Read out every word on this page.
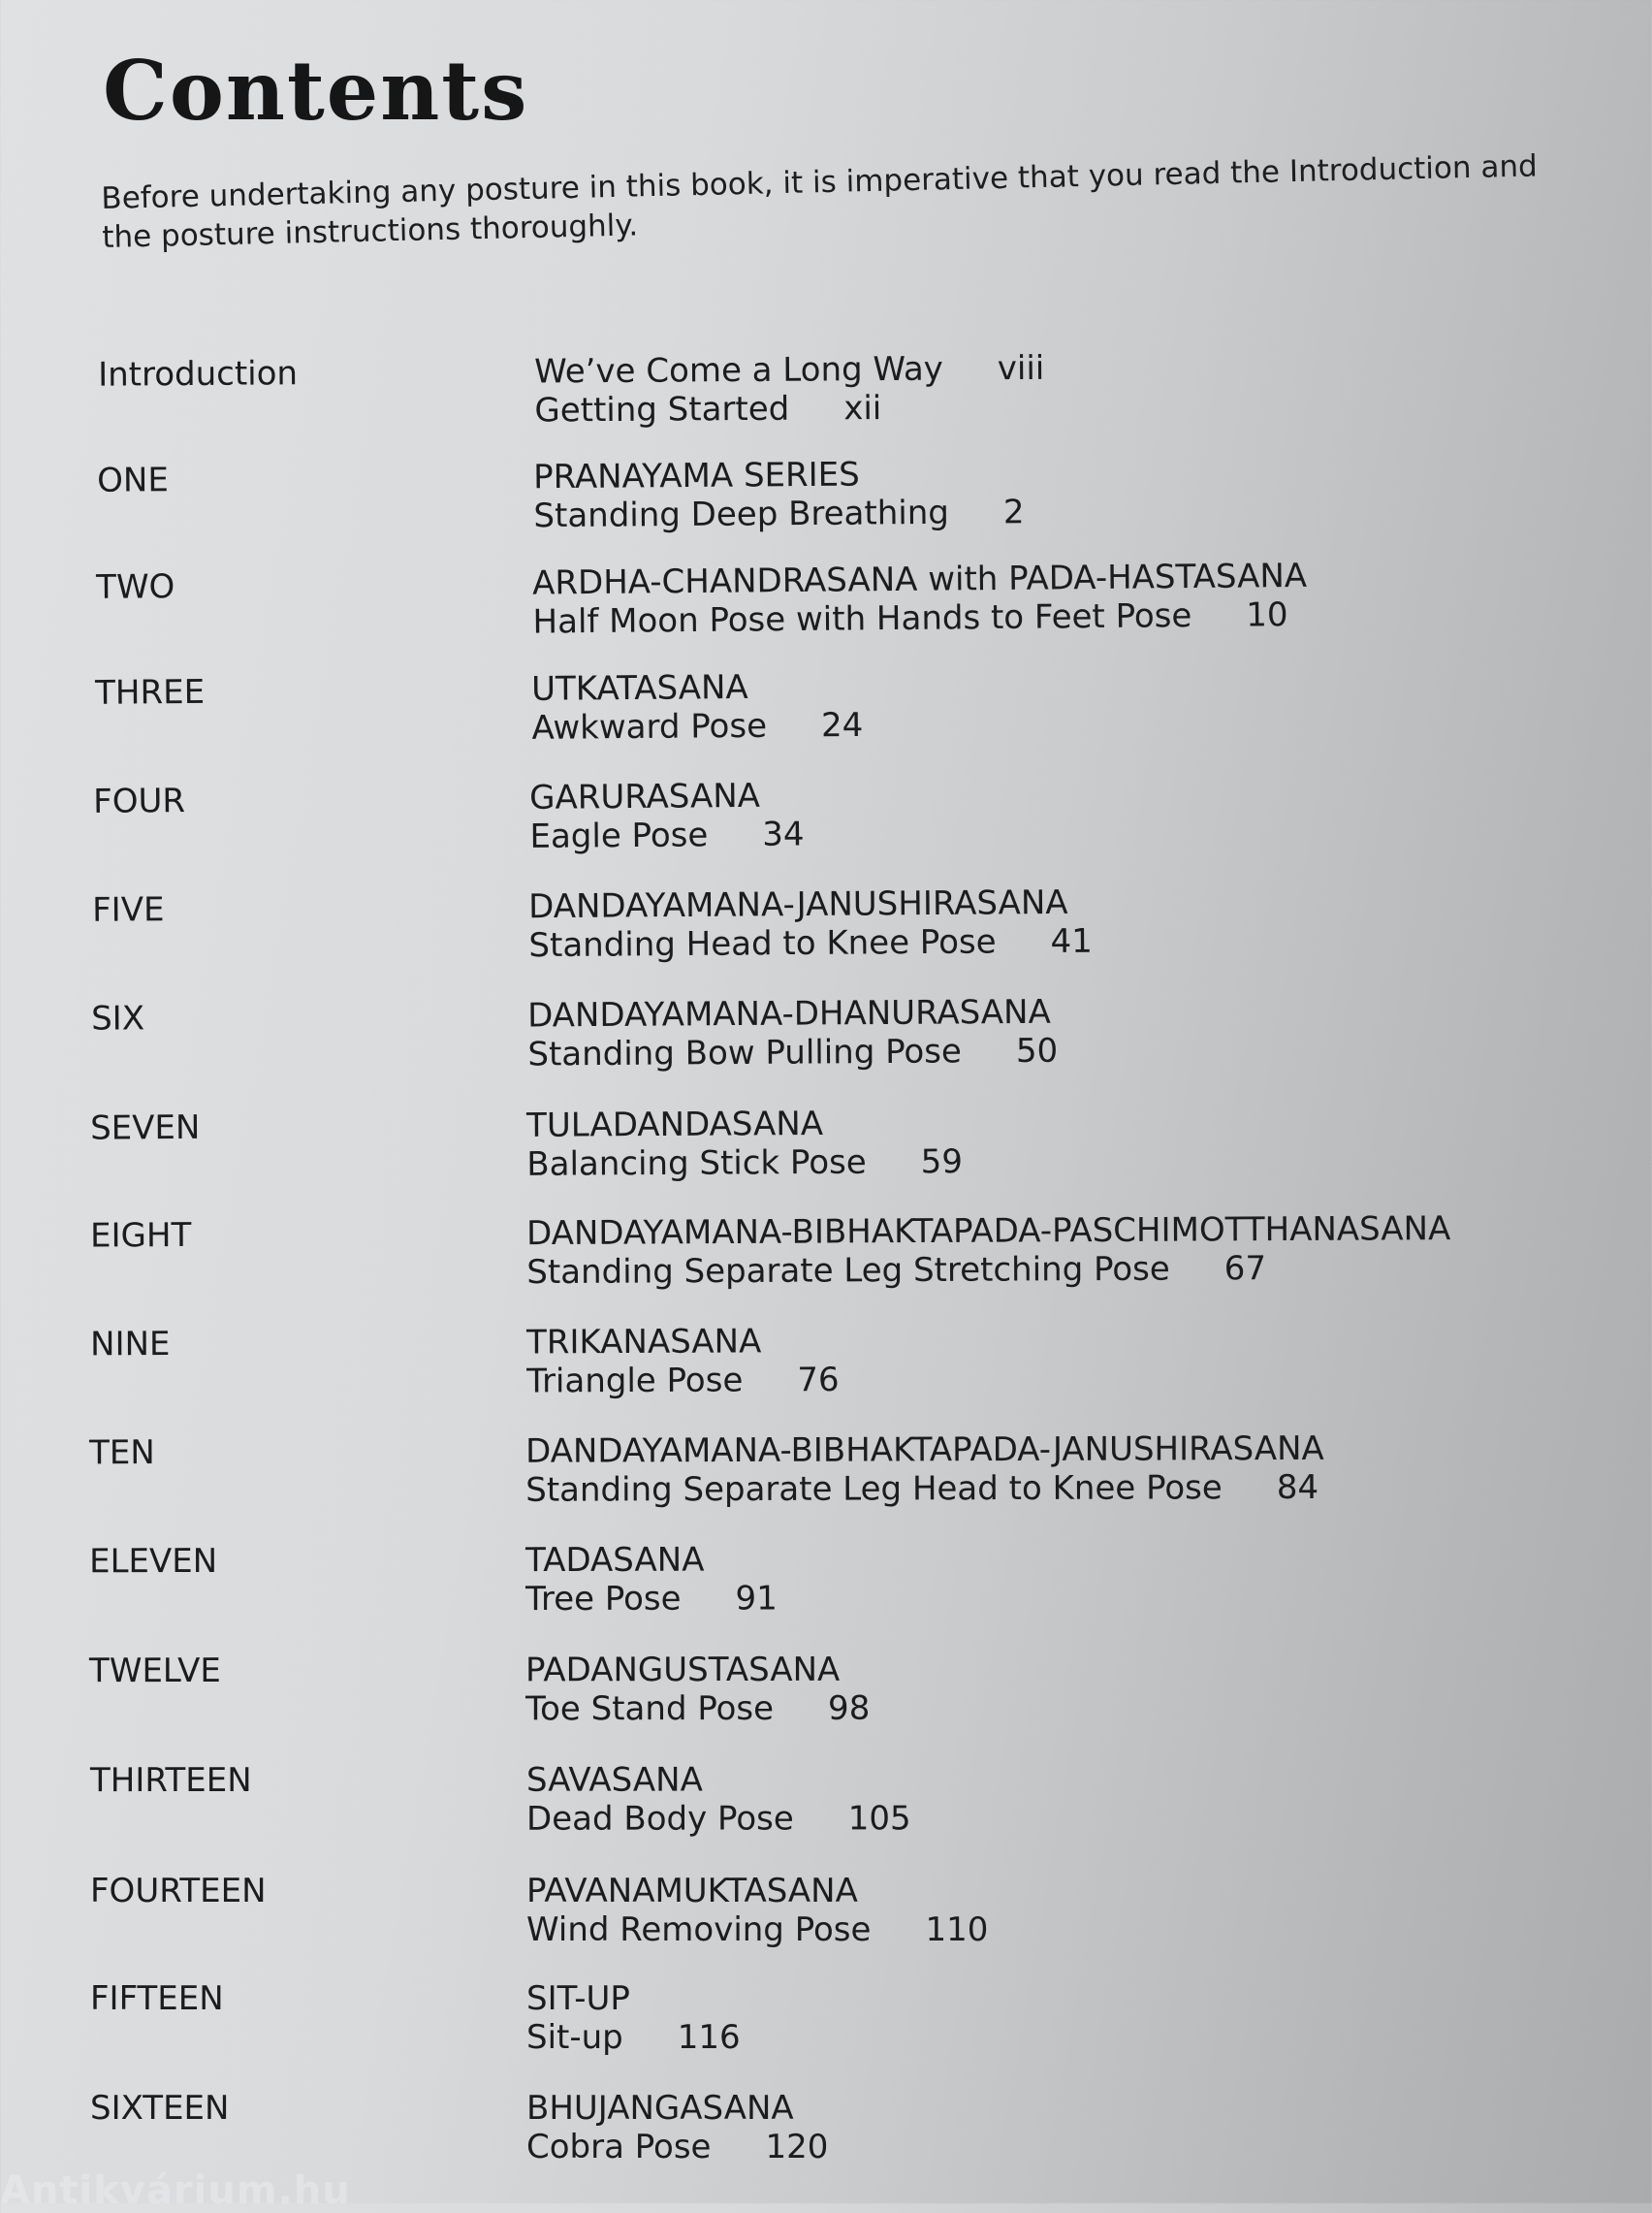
Contents

Before undertaking any posture in this book, it is imperative that you read the Introduction and the posture instructions thoroughly.

Introduction	We’ve Come a Long Way viii
Getting Started xii
ONE	PRANAYAMA SERIES
Standing Deep Breathing 2
TWO	ARDHA-CHANDRASANA with PADA-HASTASANA
Half Moon Pose with Hands to Feet Pose 10
THREE	UTKATASANA
Awkward Pose 24
FOUR	GARURASANA
Eagle Pose 34
FIVE	DANDAYAMANA-JANUSHIRASANA
Standing Head to Knee Pose 41
SIX	DANDAYAMANA-DHANURASANA
Standing Bow Pulling Pose 50
SEVEN	TULADANDASANA
Balancing Stick Pose 59
EIGHT	DANDAYAMANA-BIBHAKTAPADA-PASCHIMOTTHANASANA
Standing Separate Leg Stretching Pose 67
NINE	TRIKANASANA
Triangle Pose 76
TEN	DANDAYAMANA-BIBHAKTAPADA-JANUSHIRASANA
Standing Separate Leg Head to Knee Pose 84
ELEVEN	TADASANA
Tree Pose 91
TWELVE	PADANGUSTASANA
Toe Stand Pose 98
THIRTEEN	SAVASANA
Dead Body Pose 105
FOURTEEN	PAVANAMUKTASANA
Wind Removing Pose 110
FIFTEEN	SIT-UP
Sit-up 116
SIXTEEN	BHUJANGASANA
Cobra Pose 120
Antikvárium.hu
